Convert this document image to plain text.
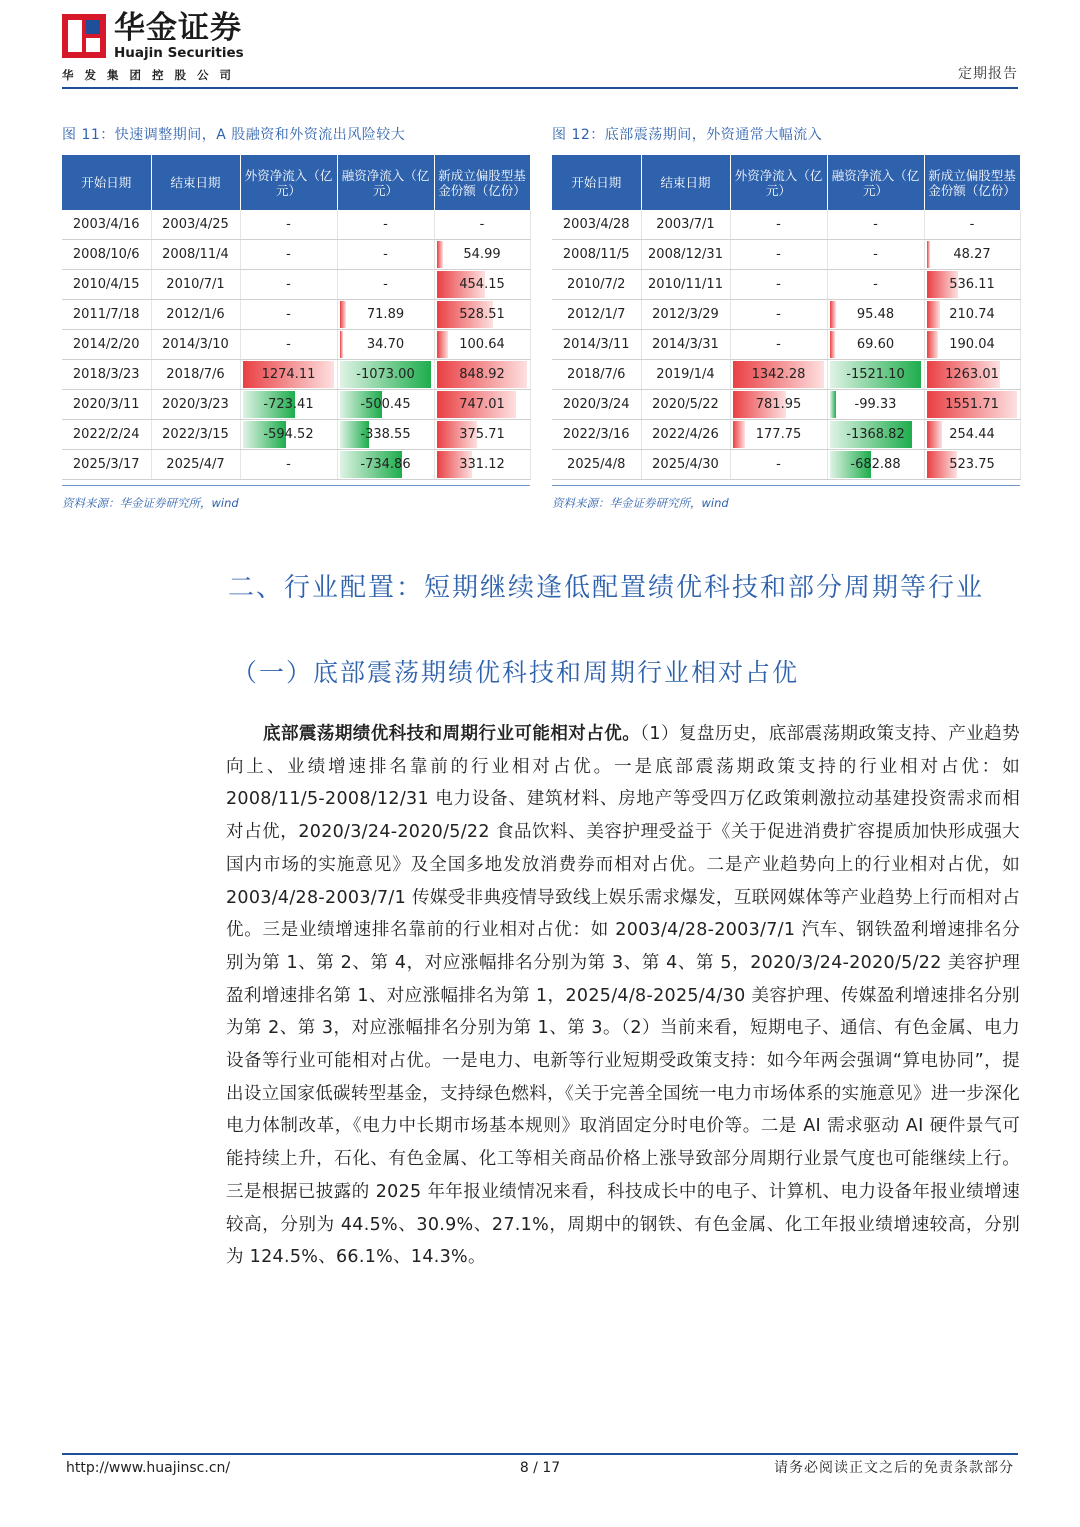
华金证券
Huajin Securities
华发集团控股公司	定期报告
图 11：快速调整期间，A 股融资和外资流出风险较大
开始日期	结束日期	外资净流入（亿元）	融资净流入（亿元）	新成立偏股型基金份额（亿份）
2003/4/16	2003/4/25	-	-	-
2008/10/6	2008/11/4	-	-	54.99
2010/4/15	2010/7/1	-	-	454.15
2011/7/18	2012/1/6	-	71.89	528.51
2014/2/20	2014/3/10	-	34.70	100.64
2018/3/23	2018/7/6	1274.11	-1073.00	848.92
2020/3/11	2020/3/23	-723.41	-500.45	747.01
2022/2/24	2022/3/15	-594.52	-338.55	375.71
2025/3/17	2025/4/7	-	-734.86	331.12
资料来源：华金证券研究所，wind
图 12：底部震荡期间，外资通常大幅流入
开始日期	结束日期	外资净流入（亿元）	融资净流入（亿元）	新成立偏股型基金份额（亿份）
2003/4/28	2003/7/1	-	-	-
2008/11/5	2008/12/31	-	-	48.27
2010/7/2	2010/11/11	-	-	536.11
2012/1/7	2012/3/29	-	95.48	210.74
2014/3/11	2014/3/31	-	69.60	190.04
2018/7/6	2019/1/4	1342.28	-1521.10	1263.01
2020/3/24	2020/5/22	781.95	-99.33	1551.71
2022/3/16	2022/4/26	177.75	-1368.82	254.44
2025/4/8	2025/4/30	-	-682.88	523.75
资料来源：华金证券研究所，wind
二、行业配置：短期继续逢低配置绩优科技和部分周期等行业
（一）底部震荡期绩优科技和周期行业相对占优
底部震荡期绩优科技和周期行业可能相对占优。（1）复盘历史，底部震荡期政策支持、产业趋势向上、业绩增速排名靠前的行业相对占优。一是底部震荡期政策支持的行业相对占优：如 2008/11/5-2008/12/31 电力设备、建筑材料、房地产等受四万亿政策刺激拉动基建投资需求而相对占优，2020/3/24-2020/5/22 食品饮料、美容护理受益于《关于促进消费扩容提质加快形成强大国内市场的实施意见》及全国多地发放消费券而相对占优。二是产业趋势向上的行业相对占优，如 2003/4/28-2003/7/1 传媒受非典疫情导致线上娱乐需求爆发，互联网媒体等产业趋势上行而相对占优。三是业绩增速排名靠前的行业相对占优：如 2003/4/28-2003/7/1 汽车、钢铁盈利增速排名分别为第 1、第 2、第 4，对应涨幅排名分别为第 3、第 4、第 5，2020/3/24-2020/5/22 美容护理盈利增速排名第 1、对应涨幅排名为第 1，2025/4/8-2025/4/30 美容护理、传媒盈利增速排名分别为第 2、第 3，对应涨幅排名分别为第 1、第 3。（2）当前来看，短期电子、通信、有色金属、电力设备等行业可能相对占优。一是电力、电新等行业短期受政策支持：如今年两会强调“算电协同”，提出设立国家低碳转型基金，支持绿色燃料，《关于完善全国统一电力市场体系的实施意见》进一步深化电力体制改革，《电力中长期市场基本规则》取消固定分时电价等。二是 AI 需求驱动 AI 硬件景气可能持续上升，石化、有色金属、化工等相关商品价格上涨导致部分周期行业景气度也可能继续上行。三是根据已披露的 2025 年年报业绩情况来看，科技成长中的电子、计算机、电力设备年报业绩增速较高，分别为 44.5%、30.9%、27.1%，周期中的钢铁、有色金属、化工年报业绩增速较高，分别为 124.5%、66.1%、14.3%。
8 / 17
http://www.huajinsc.cn/	请务必阅读正文之后的免责条款部分
